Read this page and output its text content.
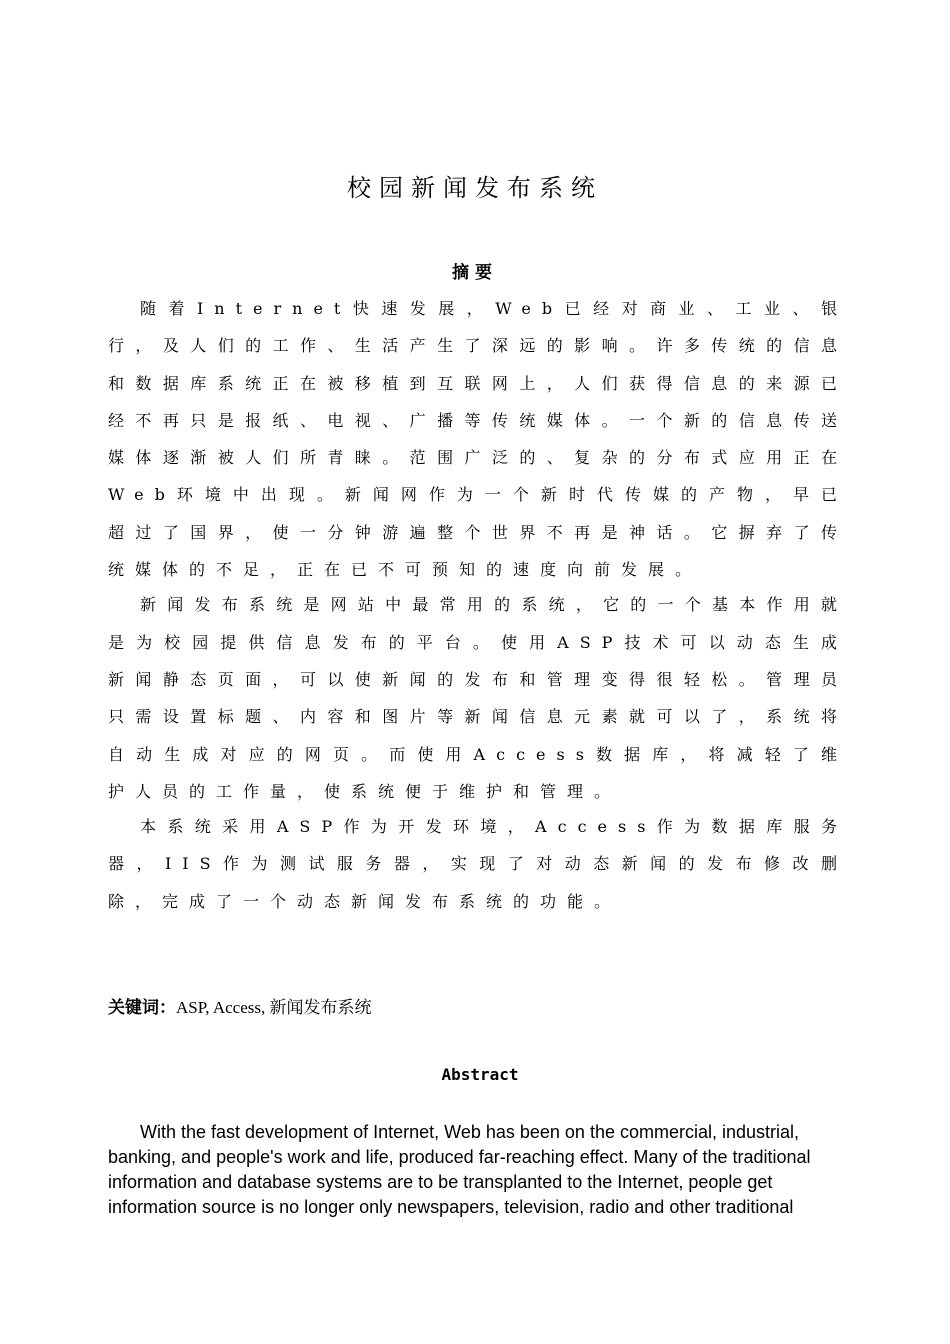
校园新闻发布系统
摘要

随着Internet快速发展，Web已经对商业、工业、银行，及人们的工作、生活产生了深远的影响。许多传统的信息和数据库系统正在被移植到互联网上，人们获得信息的来源已经不再只是报纸、电视、广播等传统媒体。一个新的信息传送媒体逐渐被人们所青睐。范围广泛的、复杂的分布式应用正在Web环境中出现。新闻网作为一个新时代传媒的产物，早已超过了国界，使一分钟游遍整个世界不再是神话。它摒弃了传统媒体的不足，正在已不可预知的速度向前发展。

新闻发布系统是网站中最常用的系统，它的一个基本作用就是为校园提供信息发布的平台。使用ASP技术可以动态生成新闻静态页面，可以使新闻的发布和管理变得很轻松。管理员只需设置标题、内容和图片等新闻信息元素就可以了，系统将自动生成对应的网页。而使用Access数据库，将减轻了维护人员的工作量，使系统便于维护和管理。

本系统采用ASP作为开发环境，Access作为数据库服务器，IIS作为测试服务器，实现了对动态新闻的发布修改删除，完成了一个动态新闻发布系统的功能。

关键词：ASP, Access, 新闻发布系统
Abstract

With the fast development of Internet, Web has been on the commercial, industrial, banking, and people's work and life, produced far-reaching effect. Many of the traditional information and database systems are to be transplanted to the Internet, people get information source is no longer only newspapers, television, radio and other traditional
